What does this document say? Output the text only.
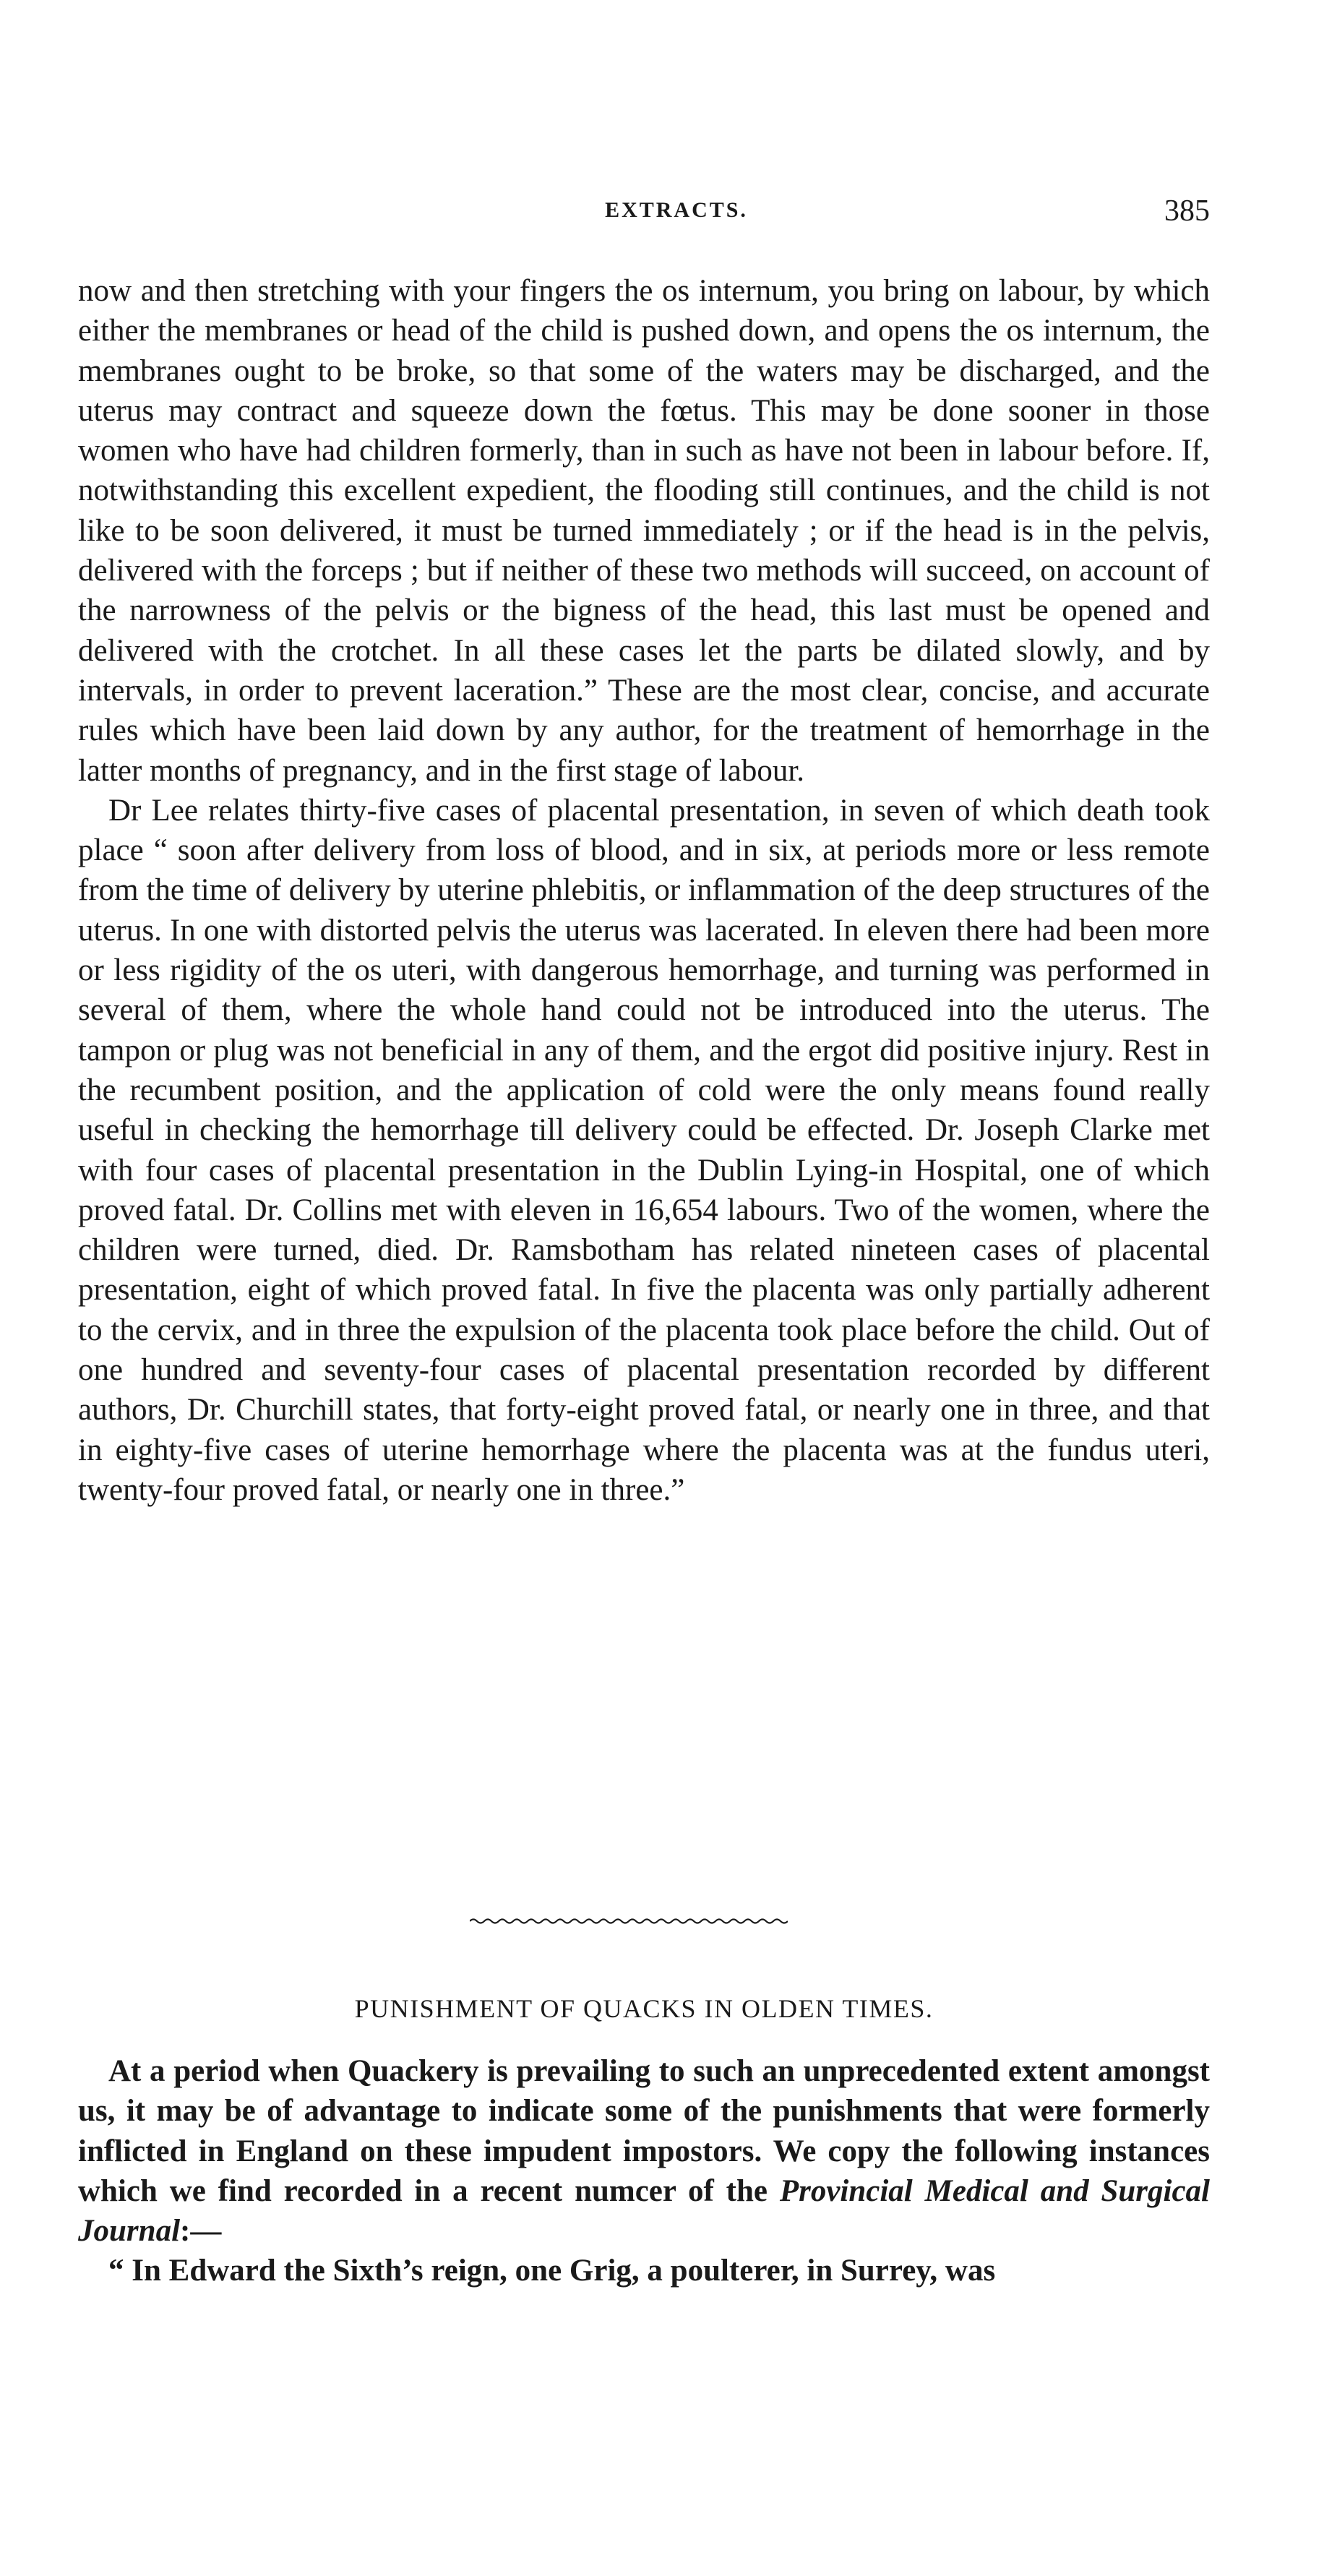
EXTRACTS.	385

now and then stretching with your fingers the os internum, you bring on labour, by which either the membranes or head of the child is pushed down, and opens the os internum, the membranes ought to be broke, so that some of the waters may be discharged, and the uterus may contract and squeeze down the fœtus. This may be done sooner in those women who have had children formerly, than in such as have not been in labour before. If, notwithstanding this excellent expedient, the flooding still continues, and the child is not like to be soon delivered, it must be turned immediately ; or if the head is in the pelvis, delivered with the forceps ; but if neither of these two methods will succeed, on account of the narrowness of the pelvis or the bigness of the head, this last must be opened and delivered with the crotchet. In all these cases let the parts be dilated slowly, and by intervals, in order to prevent laceration.” These are the most clear, concise, and accurate rules which have been laid down by any author, for the treatment of hemorrhage in the latter months of pregnancy, and in the first stage of labour.

Dr Lee relates thirty-five cases of placental presentation, in seven of which death took place “ soon after delivery from loss of blood, and in six, at periods more or less remote from the time of delivery by uterine phlebitis, or inflammation of the deep structures of the uterus. In one with distorted pelvis the uterus was lacerated. In eleven there had been more or less rigidity of the os uteri, with dangerous hemorrhage, and turning was performed in several of them, where the whole hand could not be introduced into the uterus. The tampon or plug was not beneficial in any of them, and the ergot did positive injury. Rest in the recumbent position, and the application of cold were the only means found really useful in checking the hemorrhage till delivery could be effected. Dr. Joseph Clarke met with four cases of placental presentation in the Dublin Lying-in Hospital, one of which proved fatal. Dr. Collins met with eleven in 16,654 labours. Two of the women, where the children were turned, died. Dr. Ramsbotham has related nineteen cases of placental presentation, eight of which proved fatal. In five the placenta was only partially adherent to the cervix, and in three the expulsion of the placenta took place before the child. Out of one hundred and seventy-four cases of placental presentation recorded by different authors, Dr. Churchill states, that forty-eight proved fatal, or nearly one in three, and that in eighty-five cases of uterine hemorrhage where the placenta was at the fundus uteri, twenty-four proved fatal, or nearly one in three.”

PUNISHMENT OF QUACKS IN OLDEN TIMES.

At a period when Quackery is prevailing to such an unprecedented extent amongst us, it may be of advantage to indicate some of the punishments that were formerly inflicted in England on these impudent impostors. We copy the following instances which we find recorded in a recent numcer of the Provincial Medical and Surgical Journal:—

“ In Edward the Sixth’s reign, one Grig, a poulterer, in Surrey, was
